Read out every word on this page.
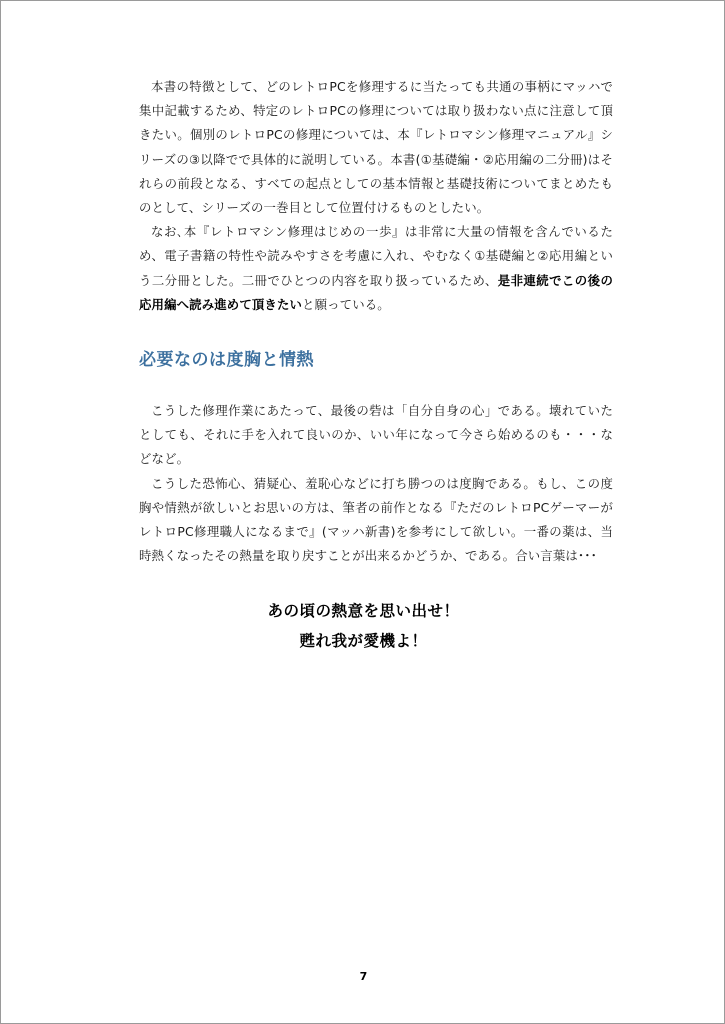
本書の特徴として、どのレトロPCを修理するに当たっても共通の事柄にマッハで集中記載するため、特定のレトロPCの修理については取り扱わない点に注意して頂きたい。個別のレトロPCの修理については、本『レトロマシン修理マニュアル』シリーズの③以降でで具体的に説明している。本書(①基礎編・②応用編の二分冊)はそれらの前段となる、すべての起点としての基本情報と基礎技術についてまとめたものとして、シリーズの一巻目として位置付けるものとしたい。

なお､本『レトロマシン修理はじめの一歩』は非常に大量の情報を含んでいるため、電子書籍の特性や読みやすさを考慮に入れ、やむなく①基礎編と②応用編という二分冊とした。二冊でひとつの内容を取り扱っているため、是非連続でこの後の応用編へ読み進めて頂きたいと願っている。

必要なのは度胸と情熱

こうした修理作業にあたって、最後の砦は「自分自身の心」である。壊れていたとしても、それに手を入れて良いのか、いい年になって今さら始めるのも・・・などなど。

こうした恐怖心、猜疑心、羞恥心などに打ち勝つのは度胸である。もし、この度胸や情熱が欲しいとお思いの方は、筆者の前作となる『ただのレトロPCゲーマーがレトロPC修理職人になるまで』(マッハ新書)を参考にして欲しい。一番の薬は、当時熱くなったその熱量を取り戻すことが出来るかどうか、である。合い言葉は･･･

あの頃の熱意を思い出せ！

甦れ我が愛機よ！

7
